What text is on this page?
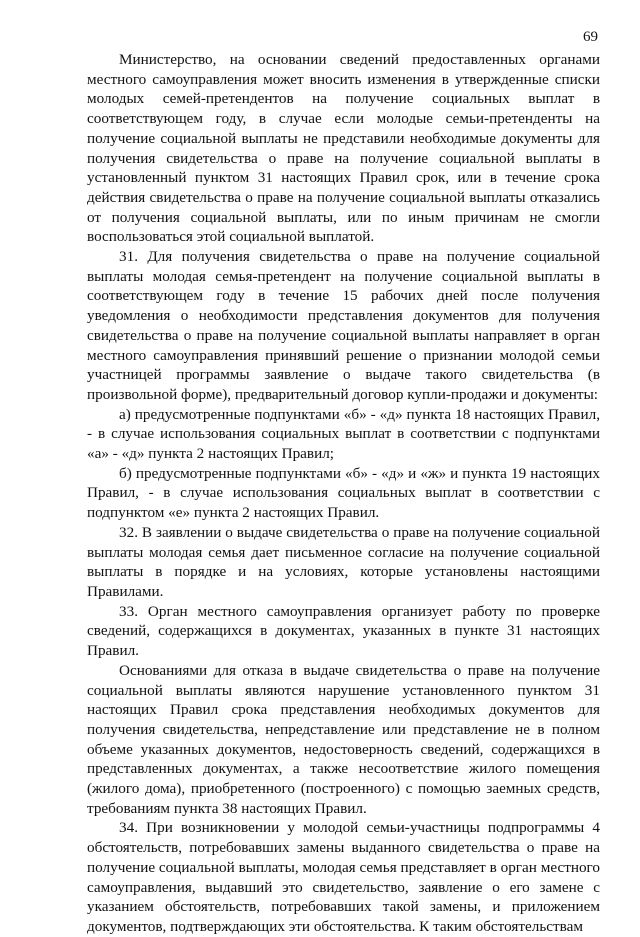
69

Министерство, на основании сведений предоставленных органами местного самоуправления может вносить изменения в утвержденные списки молодых семей-претендентов на получение социальных выплат в соответствующем году, в случае если молодые семьи-претенденты на получение социальной выплаты не представили необходимые документы для получения свидетельства о праве на получение социальной выплаты в установленный пунктом 31 настоящих Правил срок, или в течение срока действия свидетельства о праве на получение социальной выплаты отказались от получения социальной выплаты, или по иным причинам не смогли воспользоваться этой социальной выплатой.

31. Для получения свидетельства о праве на получение социальной выплаты молодая семья-претендент на получение социальной выплаты в соответствующем году в течение 15 рабочих дней после получения уведомления о необходимости представления документов для получения свидетельства о праве на получение социальной выплаты направляет в орган местного самоуправления принявший решение о признании молодой семьи участницей программы заявление о выдаче такого свидетельства (в произвольной форме), предварительный договор купли-продажи и документы:

а) предусмотренные подпунктами «б» - «д» пункта 18 настоящих Правил, - в случае использования социальных выплат в соответствии с подпунктами «а» - «д» пункта 2 настоящих Правил;

б) предусмотренные подпунктами «б» - «д» и «ж» и пункта 19 настоящих Правил, - в случае использования социальных выплат в соответствии с подпунктом «е» пункта 2 настоящих Правил.

32. В заявлении о выдаче свидетельства о праве на получение социальной выплаты молодая семья дает письменное согласие на получение социальной выплаты в порядке и на условиях, которые установлены настоящими Правилами.

33. Орган местного самоуправления организует работу по проверке сведений, содержащихся в документах, указанных в пункте 31 настоящих Правил.

Основаниями для отказа в выдаче свидетельства о праве на получение социальной выплаты являются нарушение установленного пунктом 31 настоящих Правил срока представления необходимых документов для получения свидетельства, непредставление или представление не в полном объеме указанных документов, недостоверность сведений, содержащихся в представленных документах, а также несоответствие жилого помещения (жилого дома), приобретенного (построенного) с помощью заемных средств, требованиям пункта 38 настоящих Правил.

34. При возникновении у молодой семьи-участницы подпрограммы 4 обстоятельств, потребовавших замены выданного свидетельства о праве на получение социальной выплаты, молодая семья представляет в орган местного самоуправления, выдавший это свидетельство, заявление о его замене с указанием обстоятельств, потребовавших такой замены, и приложением документов, подтверждающих эти обстоятельства. К таким обстоятельствам
